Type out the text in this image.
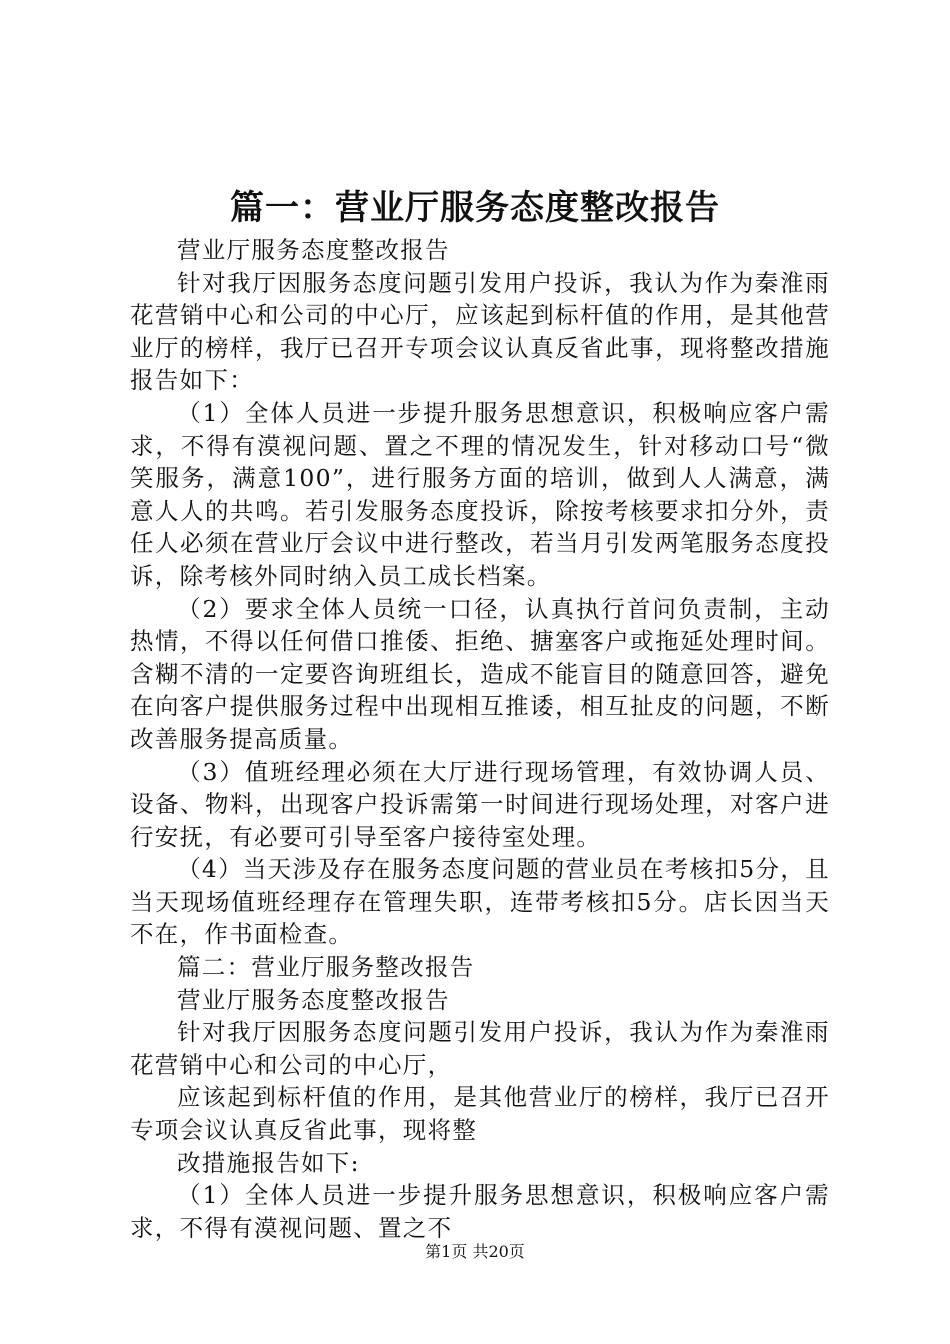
篇一：营业厅服务态度整改报告

营业厅服务态度整改报告

针对我厅因服务态度问题引发用户投诉，我认为作为秦淮雨花营销中心和公司的中心厅，应该起到标杆值的作用，是其他营业厅的榜样，我厅已召开专项会议认真反省此事，现将整改措施报告如下：

（1）全体人员进一步提升服务思想意识，积极响应客户需求，不得有漠视问题、置之不理的情况发生，针对移动口号“微笑服务，满意100”，进行服务方面的培训，做到人人满意，满意人人的共鸣。若引发服务态度投诉，除按考核要求扣分外，责任人必须在营业厅会议中进行整改，若当月引发两笔服务态度投诉，除考核外同时纳入员工成长档案。

（2）要求全体人员统一口径，认真执行首问负责制，主动热情，不得以任何借口推倭、拒绝、搪塞客户或拖延处理时间。含糊不清的一定要咨询班组长，造成不能盲目的随意回答，避免在向客户提供服务过程中出现相互推诿，相互扯皮的问题，不断改善服务提高质量。

（3）值班经理必须在大厅进行现场管理，有效协调人员、设备、物料，出现客户投诉需第一时间进行现场处理，对客户进行安抚，有必要可引导至客户接待室处理。

（4）当天涉及存在服务态度问题的营业员在考核扣5分，且当天现场值班经理存在管理失职，连带考核扣5分。店长因当天不在，作书面检查。

篇二：营业厅服务整改报告

营业厅服务态度整改报告

针对我厅因服务态度问题引发用户投诉，我认为作为秦淮雨花营销中心和公司的中心厅，

应该起到标杆值的作用，是其他营业厅的榜样，我厅已召开专项会议认真反省此事，现将整

改措施报告如下:

（1）全体人员进一步提升服务思想意识，积极响应客户需求，不得有漠视问题、置之不

第1页 共20页
